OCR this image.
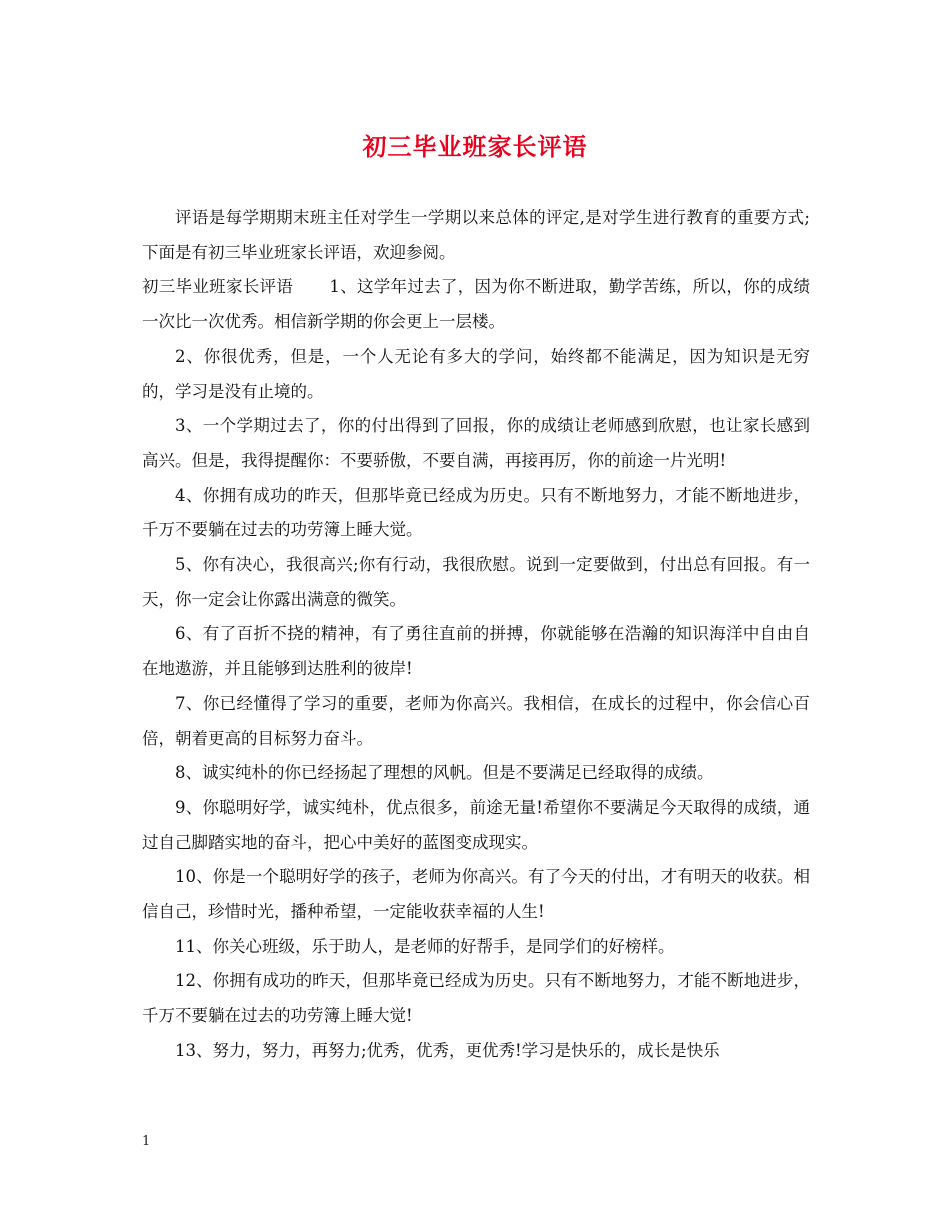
初三毕业班家长评语

评语是每学期期末班主任对学生一学期以来总体的评定,是对学生进行教育的重要方式;下面是有初三毕业班家长评语，欢迎参阅。

初三毕业班家长评语 1、这学年过去了，因为你不断进取，勤学苦练，所以，你的成绩一次比一次优秀。相信新学期的你会更上一层楼。

2、你很优秀，但是，一个人无论有多大的学问，始终都不能满足，因为知识是无穷的，学习是没有止境的。

3、一个学期过去了，你的付出得到了回报，你的成绩让老师感到欣慰，也让家长感到高兴。但是，我得提醒你：不要骄傲，不要自满，再接再厉，你的前途一片光明!

4、你拥有成功的昨天，但那毕竟已经成为历史。只有不断地努力，才能不断地进步，千万不要躺在过去的功劳簿上睡大觉。

5、你有决心，我很高兴;你有行动，我很欣慰。说到一定要做到，付出总有回报。有一天，你一定会让你露出满意的微笑。

6、有了百折不挠的精神，有了勇往直前的拼搏，你就能够在浩瀚的知识海洋中自由自在地遨游，并且能够到达胜利的彼岸!

7、你已经懂得了学习的重要，老师为你高兴。我相信，在成长的过程中，你会信心百倍，朝着更高的目标努力奋斗。

8、诚实纯朴的你已经扬起了理想的风帆。但是不要满足已经取得的成绩。

9、你聪明好学，诚实纯朴，优点很多，前途无量!希望你不要满足今天取得的成绩，通过自己脚踏实地的奋斗，把心中美好的蓝图变成现实。

10、你是一个聪明好学的孩子，老师为你高兴。有了今天的付出，才有明天的收获。相信自己，珍惜时光，播种希望，一定能收获幸福的人生!

11、你关心班级，乐于助人，是老师的好帮手，是同学们的好榜样。

12、你拥有成功的昨天，但那毕竟已经成为历史。只有不断地努力，才能不断地进步，千万不要躺在过去的功劳簿上睡大觉!

13、努力，努力，再努力;优秀，优秀，更优秀!学习是快乐的，成长是快乐

1
